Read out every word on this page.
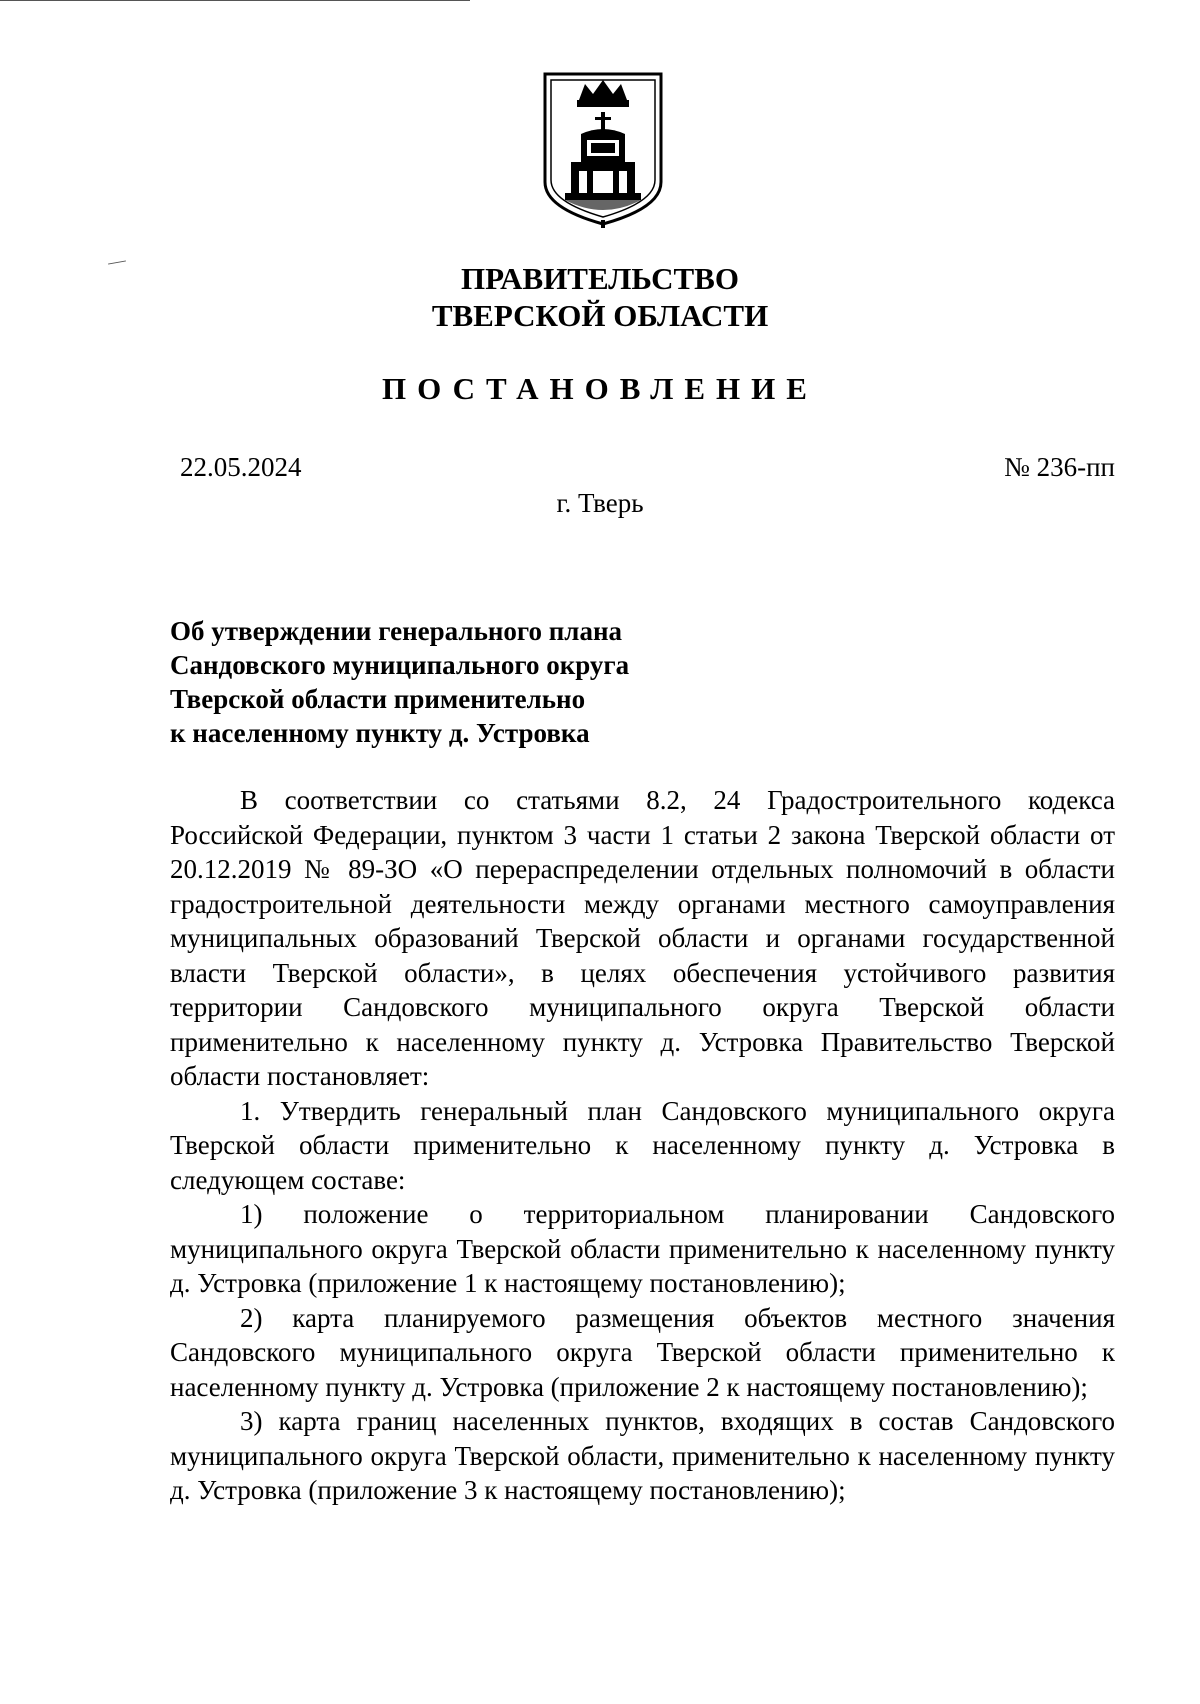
ПРАВИТЕЛЬСТВО
ТВЕРСКОЙ ОБЛАСТИ
ПОСТАНОВЛЕНИЕ
22.05.2024	№ 236-пп
г. Тверь
Об утверждении генерального плана
Сандовского муниципального округа
Тверской области применительно
к населенному пункту д. Устровка

В соответствии со статьями 8.2, 24 Градостроительного кодекса Российской Федерации, пунктом 3 части 1 статьи 2 закона Тверской области от 20.12.2019 № 89-ЗО «О перераспределении отдельных полномочий в области градостроительной деятельности между органами местного самоуправления муниципальных образований Тверской области и органами государственной власти Тверской области», в целях обеспечения устойчивого развития территории Сандовского муниципального округа Тверской области применительно к населенному пункту д. Устровка Правительство Тверской области постановляет:

1. Утвердить генеральный план Сандовского муниципального округа Тверской области применительно к населенному пункту д. Устровка в следующем составе:

1) положение о территориальном планировании Сандовского муниципального округа Тверской области применительно к населенному пункту д. Устровка (приложение 1 к настоящему постановлению);

2) карта планируемого размещения объектов местного значения Сандовского муниципального округа Тверской области применительно к населенному пункту д. Устровка (приложение 2 к настоящему постановлению);

3) карта границ населенных пунктов, входящих в состав Сандовского муниципального округа Тверской области, применительно к населенному пункту д. Устровка (приложение 3 к настоящему постановлению);
